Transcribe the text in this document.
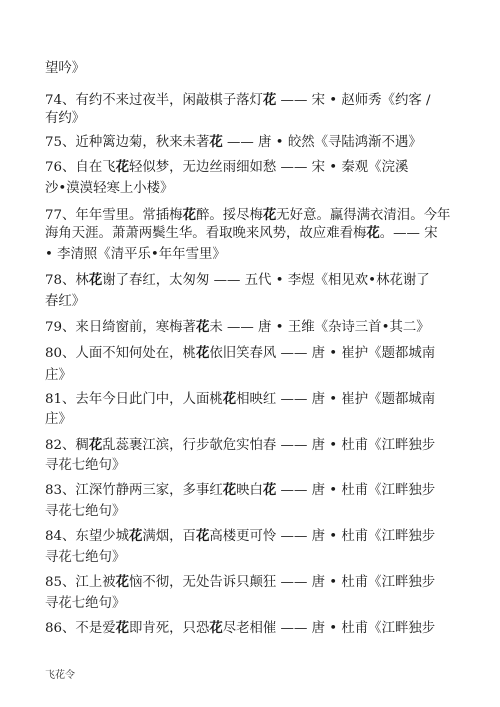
望吟》
74、有约不来过夜半，闲敲棋子落灯花 —— 宋 • 赵师秀《约客 /
有约》
75、近种篱边菊，秋来未著花 —— 唐 • 皎然《寻陆鸿渐不遇》
76、自在飞花轻似梦，无边丝雨细如愁 —— 宋 • 秦观《浣溪
沙•漠漠轻寒上小楼》
77、年年雪里。常插梅花醉。挼尽梅花无好意。赢得满衣清泪。今年
海角天涯。萧萧两鬓生华。看取晚来风势，故应难看梅花。—— 宋
• 李清照《清平乐•年年雪里》
78、林花谢了春红，太匆匆 —— 五代 • 李煜《相见欢•林花谢了
春红》
79、来日绮窗前，寒梅著花未 —— 唐 • 王维《杂诗三首•其二》
80、人面不知何处在，桃花依旧笑春风 —— 唐 • 崔护《题都城南
庄》
81、去年今日此门中，人面桃花相映红 —— 唐 • 崔护《题都城南
庄》
82、稠花乱蕊裹江滨，行步欹危实怕春 —— 唐 • 杜甫《江畔独步
寻花七绝句》
83、江深竹静两三家，多事红花映白花 —— 唐 • 杜甫《江畔独步
寻花七绝句》
84、东望少城花满烟，百花高楼更可怜 —— 唐 • 杜甫《江畔独步
寻花七绝句》
85、江上被花恼不彻，无处告诉只颠狂 —— 唐 • 杜甫《江畔独步
寻花七绝句》
86、不是爱花即肯死，只恐花尽老相催 —— 唐 • 杜甫《江畔独步
飞花令
